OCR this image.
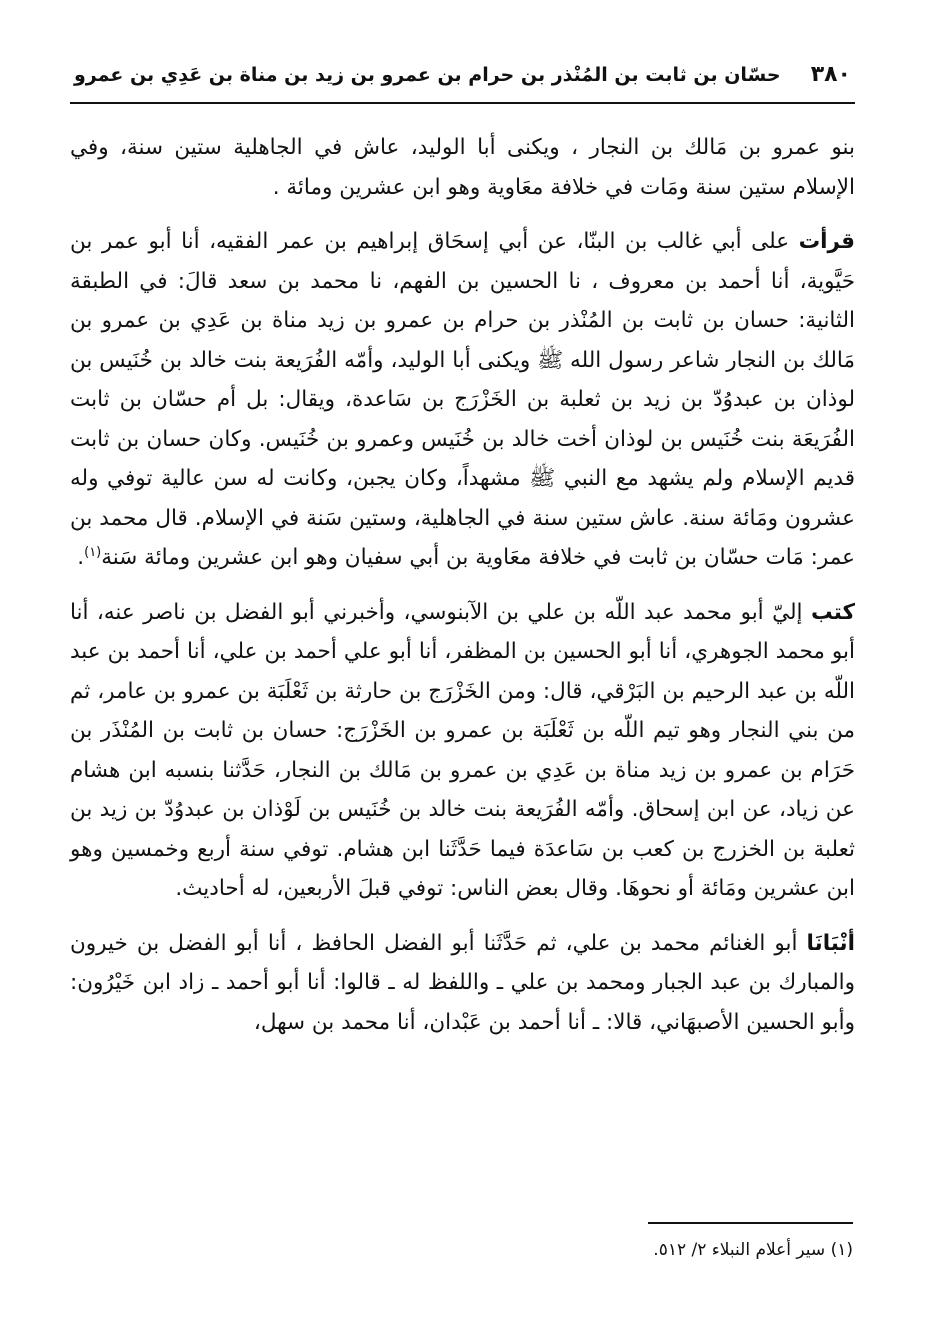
٣٨٠
حسّان بن ثابت بن المُنْذر بن حرام بن عمرو بن زيد بن مناة بن عَدِي بن عمرو

بنو عمرو بن مَالك بن النجار ، ويكنى أبا الوليد، عاش في الجاهلية ستين سنة، وفي الإسلام ستين سنة ومَات في خلافة معَاوية وهو ابن عشرين ومائة .

قرأت على أبي غالب بن البنّا، عن أبي إسحَاق إبراهيم بن عمر الفقيه، أنا أبو عمر بن حَيَّوية، أنا أحمد بن معروف ، نا الحسين بن الفهم، نا محمد بن سعد قالَ: في الطبقة الثانية: حسان بن ثابت بن المُنْذر بن حرام بن عمرو بن زيد مناة بن عَدِي بن عمرو بن مَالك بن النجار شاعر رسول الله ﷺ ويكنى أبا الوليد، وأمّه الفُرَيعة بنت خالد بن خُنَيس بن لوذان بن عبدوُدّ بن زيد بن ثعلبة بن الخَزْرَج بن سَاعدة، ويقال: بل أم حسّان بن ثابت الفُرَيعَة بنت خُنَيس بن لوذان أخت خالد بن خُنَيس وعمرو بن خُنَيس. وكان حسان بن ثابت قديم الإسلام ولم يشهد مع النبي ﷺ مشهداً، وكان يجبن، وكانت له سن عالية توفي وله عشرون ومَائة سنة. عاش ستين سنة في الجاهلية، وستين سَنة في الإسلام. قال محمد بن عمر: مَات حسّان بن ثابت في خلافة معَاوية بن أبي سفيان وهو ابن عشرين ومائة سَنة$^{(١)}$.

كتب إليّ أبو محمد عبد اللّه بن علي بن الآبنوسي، وأخبرني أبو الفضل بن ناصر عنه، أنا أبو محمد الجوهري، أنا أبو الحسين بن المظفر، أنا أبو علي أحمد بن علي، أنا أحمد بن عبد اللّه بن عبد الرحيم بن البَرْقي، قال: ومن الخَزْرَج بن حارثة بن ثَعْلَبَة بن عمرو بن عامر، ثم من بني النجار وهو تيم اللّه بن ثَعْلَبَة بن عمرو بن الخَزْرَج: حسان بن ثابت بن المُنْذَر بن حَرَام بن عمرو بن زيد مناة بن عَدِي بن عمرو بن مَالك بن النجار، حَدَّثنا بنسبه ابن هشام عن زياد، عن ابن إسحاق. وأمّه الفُرَيعة بنت خالد بن خُنَيس بن لَوْذان بن عبدوُدّ بن زيد بن ثعلبة بن الخزرج بن كعب بن سَاعدَة فيما حَدَّثَنا ابن هشام. توفي سنة أربع وخمسين وهو ابن عشرين ومَائة أو نحوهَا. وقال بعض الناس: توفي قبلَ الأربعين، له أحاديث.

أنْبَانَا أبو الغنائم محمد بن علي، ثم حَدَّثَنا أبو الفضل الحافظ ، أنا أبو الفضل بن خيرون والمبارك بن عبد الجبار ومحمد بن علي ـ واللفظ له ـ قالوا: أنا أبو أحمد ـ زاد ابن خَيْرُون: وأبو الحسين الأصبهَاني، قالا: ـ أنا أحمد بن عَبْدان، أنا محمد بن سهل،

(١) سير أعلام النبلاء ٢/ ٥١٢.
